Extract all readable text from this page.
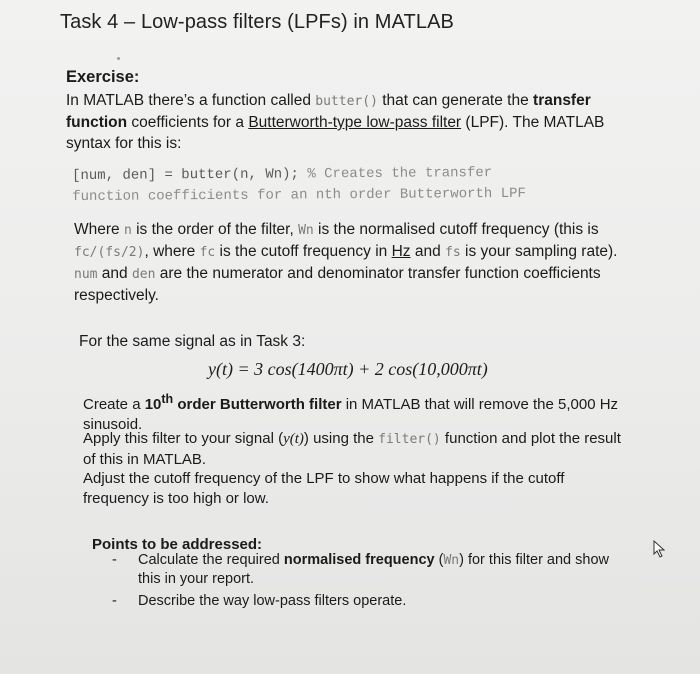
Task 4 – Low-pass filters (LPFs) in MATLAB
Exercise:
In MATLAB there’s a function called butter() that can generate the transfer function coefficients for a Butterworth-type low-pass filter (LPF). The MATLAB syntax for this is:
[num, den] = butter(n, Wn); % Creates the transfer
function coefficients for an nth order Butterworth LPF
Where n is the order of the filter, Wn is the normalised cutoff frequency (this is fc/(fs/2), where fc is the cutoff frequency in Hz and fs is your sampling rate). num and den are the numerator and denominator transfer function coefficients respectively.
For the same signal as in Task 3:
y(t) = 3 cos(1400πt) + 2 cos(10,000πt)
Create a 10th order Butterworth filter in MATLAB that will remove the 5,000 Hz sinusoid.
Apply this filter to your signal (y(t)) using the filter() function and plot the result of this in MATLAB.
Adjust the cutoff frequency of the LPF to show what happens if the cutoff frequency is too high or low.
Points to be addressed:
- Calculate the required normalised frequency (Wn) for this filter and show this in your report.
- Describe the way low-pass filters operate.
